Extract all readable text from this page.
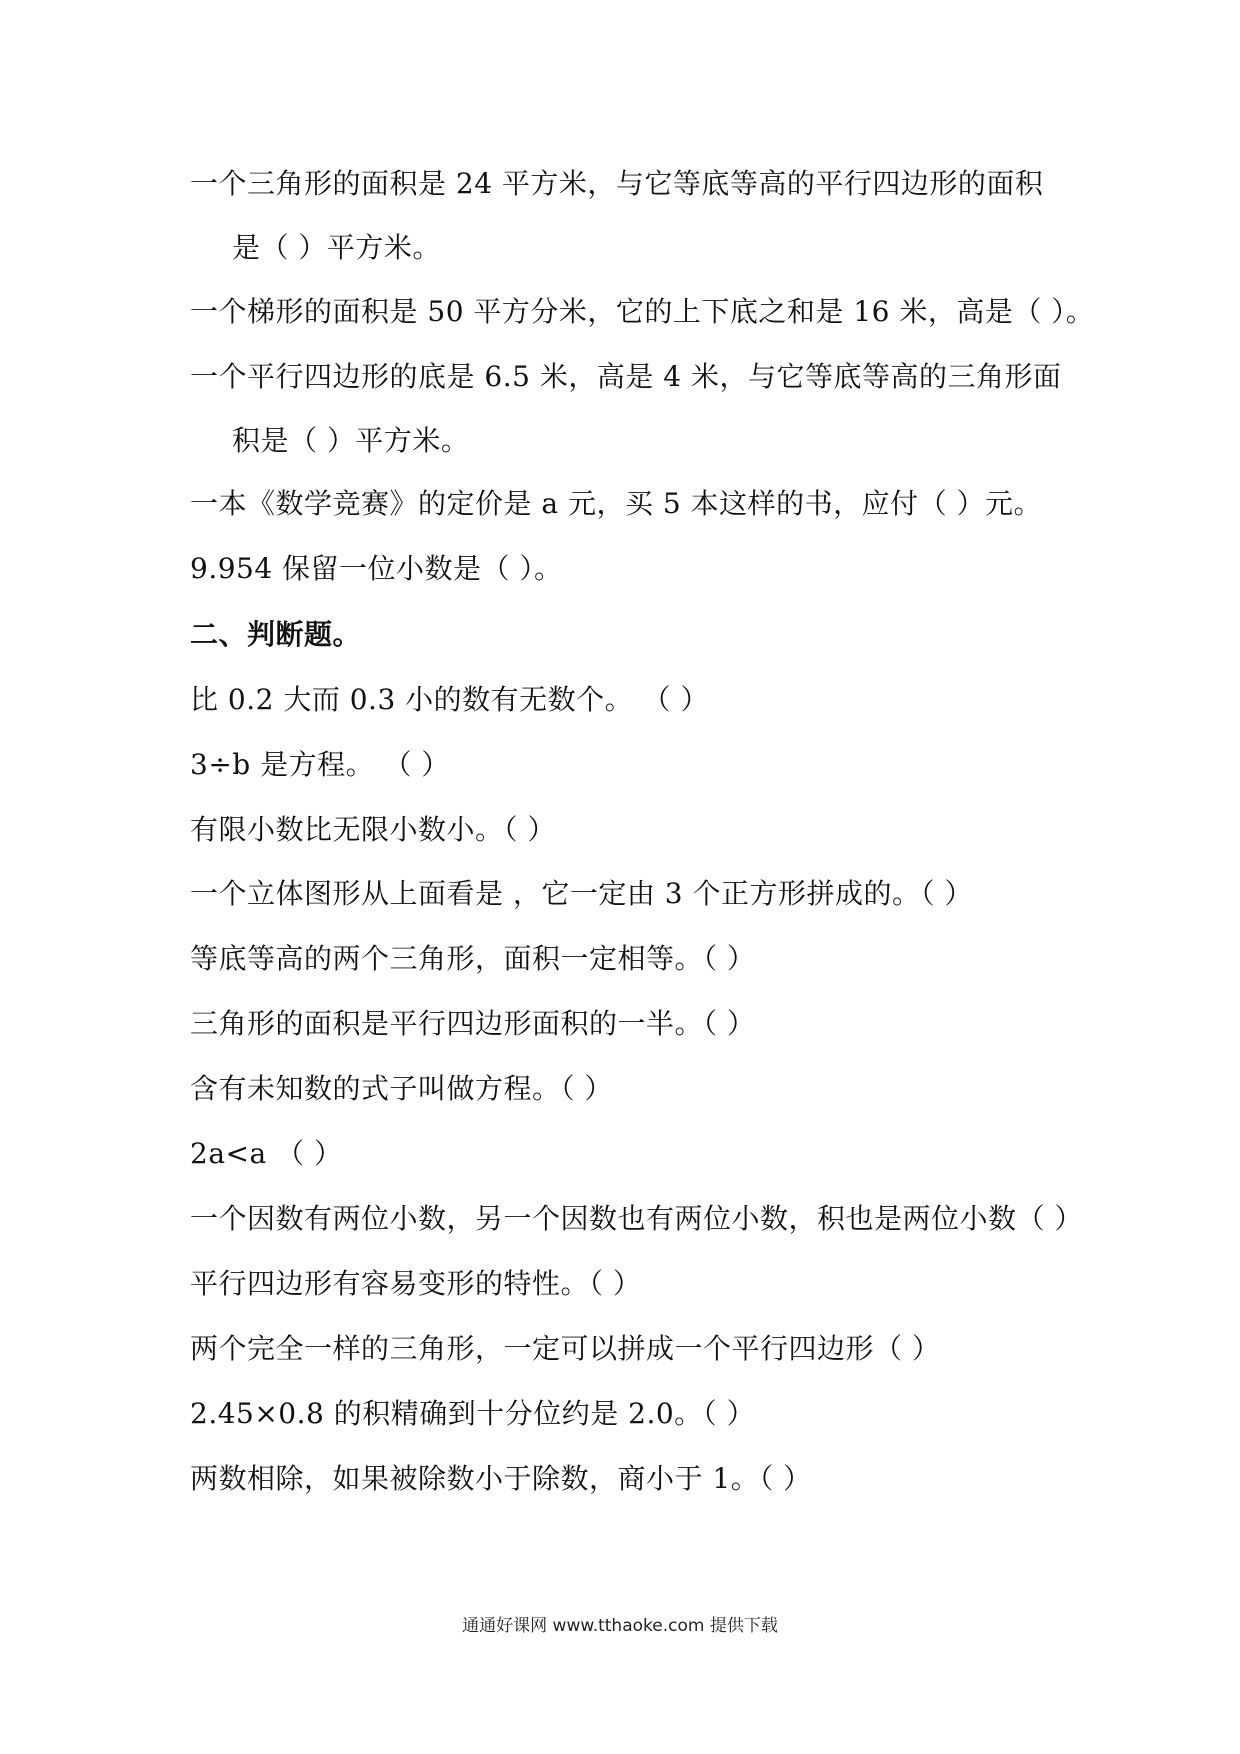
一个三角形的面积是 24 平方米，与它等底等高的平行四边形的面积
是（ ）平方米。
一个梯形的面积是 50 平方分米，它的上下底之和是 16 米，高是（ ）。
一个平行四边形的底是 6.5 米，高是 4 米，与它等底等高的三角形面
积是（ ）平方米。
一本《数学竞赛》的定价是 a 元，买 5 本这样的书，应付（ ）元。
9.954 保留一位小数是（ ）。
二、判断题。
比 0.2 大而 0.3 小的数有无数个。 （ ）
3÷b 是方程。 （ ）
有限小数比无限小数小。（ ）
一个立体图形从上面看是 ，它一定由 3 个正方形拼成的。（ ）
等底等高的两个三角形，面积一定相等。（ ）
三角形的面积是平行四边形面积的一半。（ ）
含有未知数的式子叫做方程。（ ）
2a<a （ ）
一个因数有两位小数，另一个因数也有两位小数，积也是两位小数（ ）
平行四边形有容易变形的特性。（ ）
两个完全一样的三角形，一定可以拼成一个平行四边形（ ）
2.45×0.8 的积精确到十分位约是 2.0。（ ）
两数相除，如果被除数小于除数，商小于 1。（ ）
通通好课网 www.tthaoke.com 提供下载
